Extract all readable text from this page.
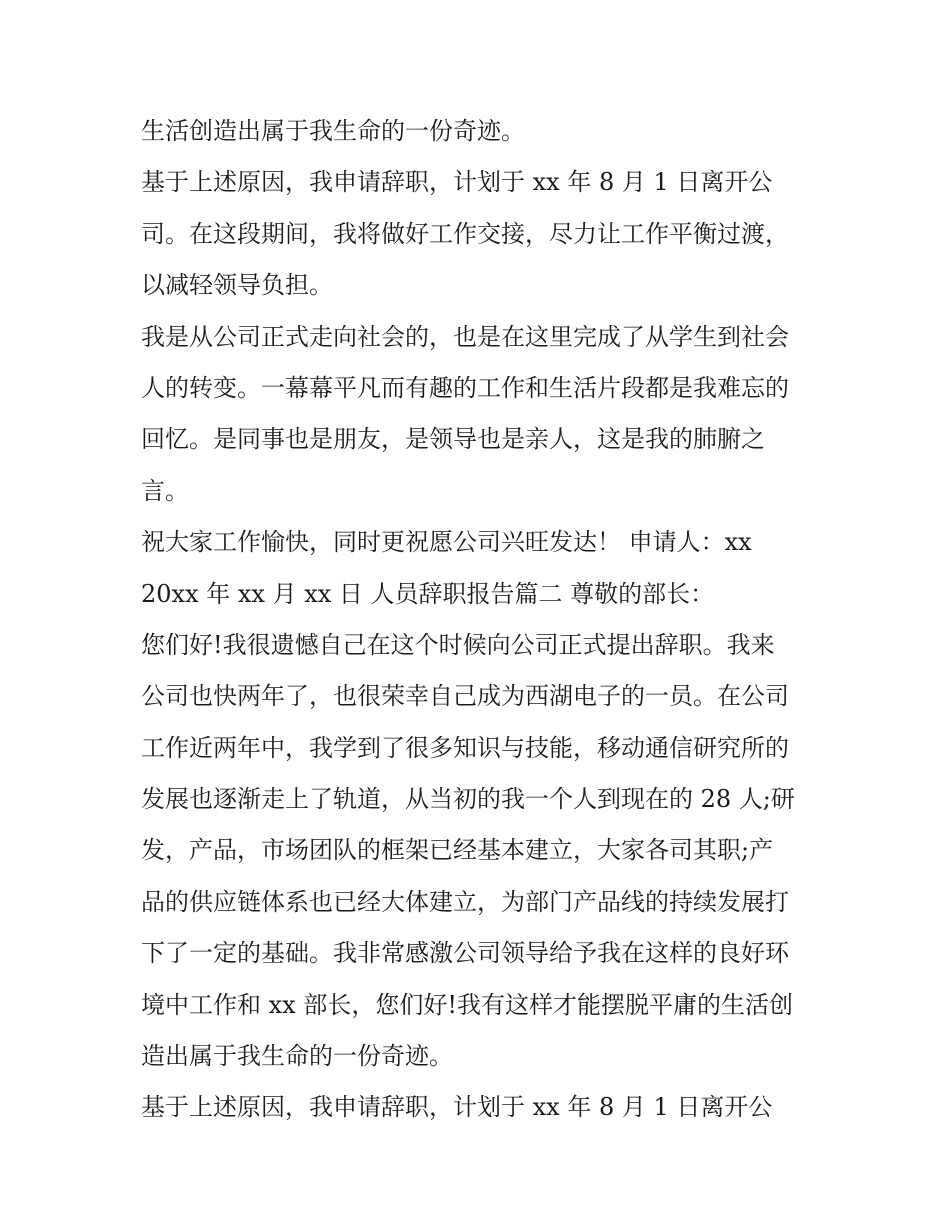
生活创造出属于我生命的一份奇迹。
基于上述原因，我申请辞职，计划于 xx 年 8 月 1 日离开公
司。在这段期间，我将做好工作交接，尽力让工作平衡过渡，
以减轻领导负担。
我是从公司正式走向社会的，也是在这里完成了从学生到社会
人的转变。一幕幕平凡而有趣的工作和生活片段都是我难忘的
回忆。是同事也是朋友，是领导也是亲人，这是我的肺腑之
言。
祝大家工作愉快，同时更祝愿公司兴旺发达！ 申请人：xx
20xx 年 xx 月 xx 日 人员辞职报告篇二 尊敬的部长：
您们好!我很遗憾自己在这个时候向公司正式提出辞职。我来
公司也快两年了，也很荣幸自己成为西湖电子的一员。在公司
工作近两年中，我学到了很多知识与技能，移动通信研究所的
发展也逐渐走上了轨道，从当初的我一个人到现在的 28 人;研
发，产品，市场团队的框架已经基本建立，大家各司其职;产
品的供应链体系也已经大体建立，为部门产品线的持续发展打
下了一定的基础。我非常感激公司领导给予我在这样的良好环
境中工作和 xx 部长，您们好!我有这样才能摆脱平庸的生活创
造出属于我生命的一份奇迹。
基于上述原因，我申请辞职，计划于 xx 年 8 月 1 日离开公
